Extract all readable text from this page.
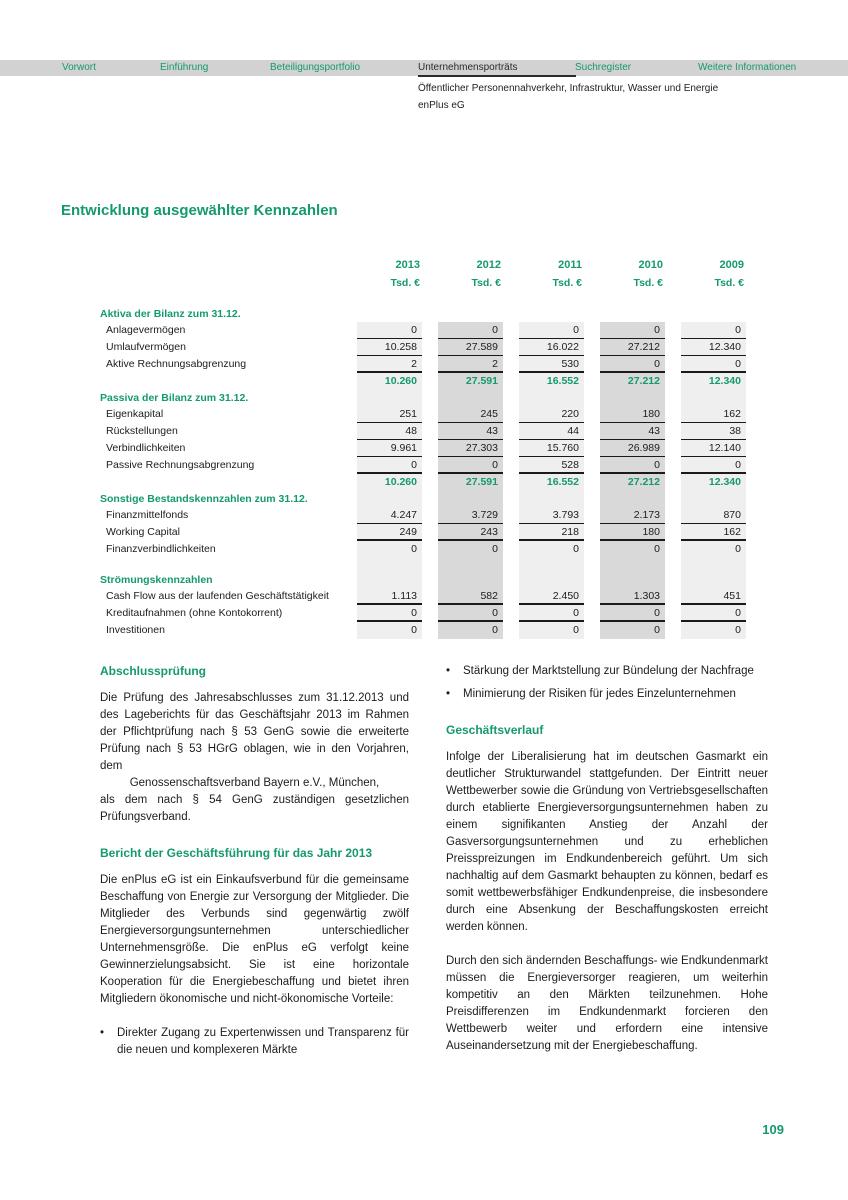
Vorwort	Einführung	Beteiligungsportfolio	Unternehmensporträts	Suchregister	Weitere Informationen
Öffentlicher Personennahverkehr, Infrastruktur, Wasser und Energie
enPlus eG
Entwicklung ausgewählter Kennzahlen
2013	2012	2011	2010	2009
Tsd. €	Tsd. €	Tsd. €	Tsd. €	Tsd. €
Aktiva der Bilanz zum 31.12.
Anlagevermögen	0	0	0	0	0
Umlaufvermögen	10.258	27.589	16.022	27.212	12.340
Aktive Rechnungsabgrenzung	2	2	530	0	0
10.260	27.591	16.552	27.212	12.340
Passiva der Bilanz zum 31.12.
Eigenkapital	251	245	220	180	162
Rückstellungen	48	43	44	43	38
Verbindlichkeiten	9.961	27.303	15.760	26.989	12.140
Passive Rechnungsabgrenzung	0	0	528	0	0
10.260	27.591	16.552	27.212	12.340
Sonstige Bestandskennzahlen zum 31.12.
Finanzmittelfonds	4.247	3.729	3.793	2.173	870
Working Capital	249	243	218	180	162
Finanzverbindlichkeiten	0	0	0	0	0
Strömungskennzahlen
Cash Flow aus der laufenden Geschäftstätigkeit	1.113	582	2.450	1.303	451
Kreditaufnahmen (ohne Kontokorrent)	0	0	0	0	0
Investitionen	0	0	0	0	0
Abschlussprüfung
Die Prüfung des Jahresabschlusses zum 31.12.2013 und des Lageberichts für das Geschäftsjahr 2013 im Rahmen der Pflichtprüfung nach § 53 GenG sowie die erweiterte Prüfung nach § 53 HGrG oblagen, wie in den Vorjahren, dem
Genossenschaftsverband Bayern e.V., München,
als dem nach § 54 GenG zuständigen gesetzlichen Prüfungsverband.
Bericht der Geschäftsführung für das Jahr 2013
Die enPlus eG ist ein Einkaufsverbund für die gemeinsame Beschaffung von Energie zur Versorgung der Mitglieder. Die Mitglieder des Verbunds sind gegenwärtig zwölf Energieversorgungsunternehmen unterschiedlicher Unternehmensgröße. Die enPlus eG verfolgt keine Gewinnerzielungsabsicht. Sie ist eine horizontale Kooperation für die Energiebeschaffung und bietet ihren Mitgliedern ökonomische und nicht-ökonomische Vorteile:
•	Direkter Zugang zu Expertenwissen und Transparenz für die neuen und komplexeren Märkte
•	Stärkung der Marktstellung zur Bündelung der Nachfrage
•	Minimierung der Risiken für jedes Einzelunternehmen
Geschäftsverlauf
Infolge der Liberalisierung hat im deutschen Gasmarkt ein deutlicher Strukturwandel stattgefunden. Der Eintritt neuer Wettbewerber sowie die Gründung von Vertriebsgesellschaften durch etablierte Energieversorgungsunternehmen haben zu einem signifikanten Anstieg der Anzahl der Gasversorgungsunternehmen und zu erheblichen Preisspreizungen im Endkundenbereich geführt. Um sich nachhaltig auf dem Gasmarkt behaupten zu können, bedarf es somit wettbewerbsfähiger Endkundenpreise, die insbesondere durch eine Absenkung der Beschaffungskosten erreicht werden können.
Durch den sich ändernden Beschaffungs- wie Endkundenmarkt müssen die Energieversorger reagieren, um weiterhin kompetitiv an den Märkten teilzunehmen. Hohe Preisdifferenzen im Endkundenmarkt forcieren den Wettbewerb weiter und erfordern eine intensive Auseinandersetzung mit der Energiebeschaffung.
109
